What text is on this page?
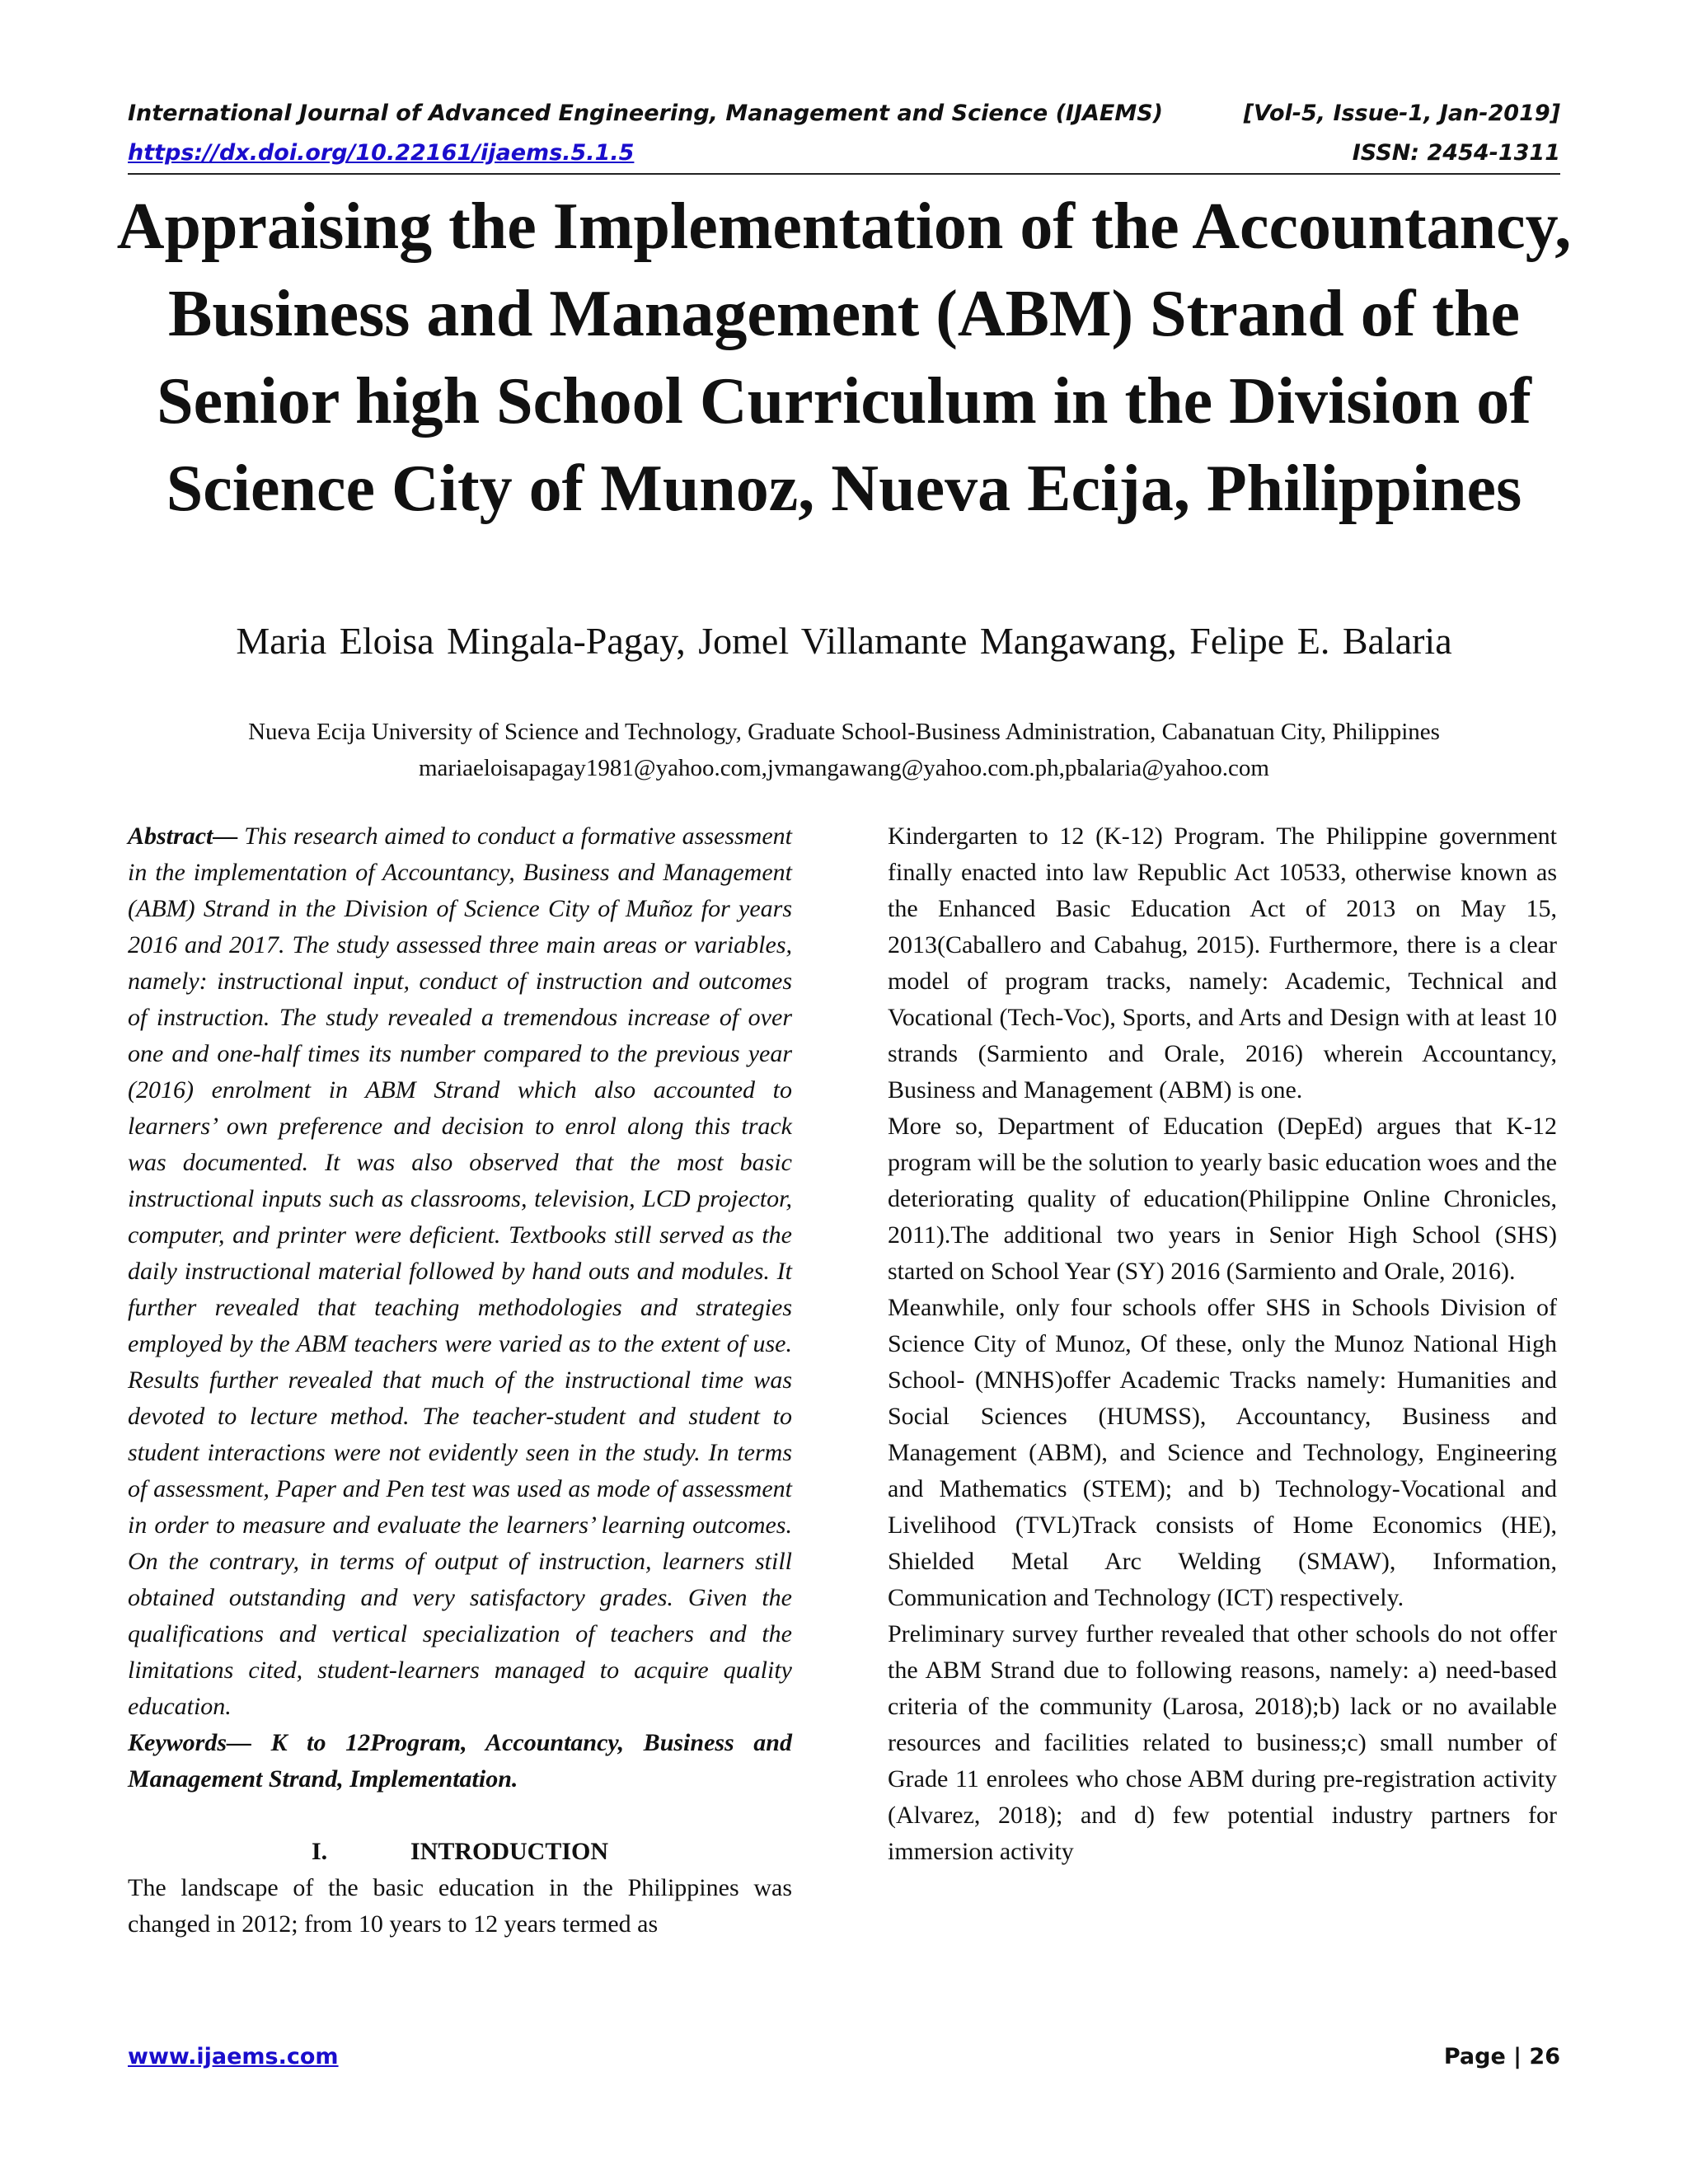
International Journal of Advanced Engineering, Management and Science (IJAEMS)	[Vol-5, Issue-1, Jan-2019]
https://dx.doi.org/10.22161/ijaems.5.1.5	ISSN: 2454-1311
Appraising the Implementation of the Accountancy, Business and Management (ABM) Strand of the Senior high School Curriculum in the Division of Science City of Munoz, Nueva Ecija, Philippines
Maria Eloisa Mingala-Pagay, Jomel Villamante Mangawang, Felipe E. Balaria
Nueva Ecija University of Science and Technology, Graduate School-Business Administration, Cabanatuan City, Philippines
mariaeloisapagay1981@yahoo.com,jvmangawang@yahoo.com.ph,pbalaria@yahoo.com

Abstract— This research aimed to conduct a formative assessment in the implementation of Accountancy, Business and Management (ABM) Strand in the Division of Science City of Muñoz for years 2016 and 2017. The study assessed three main areas or variables, namely: instructional input, conduct of instruction and outcomes of instruction. The study revealed a tremendous increase of over one and one-half times its number compared to the previous year (2016) enrolment in ABM Strand which also accounted to learners’ own preference and decision to enrol along this track was documented. It was also observed that the most basic instructional inputs such as classrooms, television, LCD projector, computer, and printer were deficient. Textbooks still served as the daily instructional material followed by hand outs and modules. It further revealed that teaching methodologies and strategies employed by the ABM teachers were varied as to the extent of use. Results further revealed that much of the instructional time was devoted to lecture method. The teacher-student and student to student interactions were not evidently seen in the study. In terms of assessment, Paper and Pen test was used as mode of assessment in order to measure and evaluate the learners’ learning outcomes. On the contrary, in terms of output of instruction, learners still obtained outstanding and very satisfactory grades. Given the qualifications and vertical specialization of teachers and the limitations cited, student-learners managed to acquire quality education.

Keywords— K to 12Program, Accountancy, Business and Management Strand, Implementation.

I.	INTRODUCTION

The landscape of the basic education in the Philippines was changed in 2012; from 10 years to 12 years termed as

Kindergarten to 12 (K-12) Program. The Philippine government finally enacted into law Republic Act 10533, otherwise known as the Enhanced Basic Education Act of 2013 on May 15, 2013(Caballero and Cabahug, 2015). Furthermore, there is a clear model of program tracks, namely: Academic, Technical and Vocational (Tech-Voc), Sports, and Arts and Design with at least 10 strands (Sarmiento and Orale, 2016) wherein Accountancy, Business and Management (ABM) is one.

More so, Department of Education (DepEd) argues that K-12 program will be the solution to yearly basic education woes and the deteriorating quality of education(Philippine Online Chronicles, 2011).The additional two years in Senior High School (SHS) started on School Year (SY) 2016 (Sarmiento and Orale, 2016).

Meanwhile, only four schools offer SHS in Schools Division of Science City of Munoz, Of these, only the Munoz National High School- (MNHS)offer Academic Tracks namely: Humanities and Social Sciences (HUMSS), Accountancy, Business and Management (ABM), and Science and Technology, Engineering and Mathematics (STEM); and b) Technology-Vocational and Livelihood (TVL)Track consists of Home Economics (HE), Shielded Metal Arc Welding (SMAW), Information, Communication and Technology (ICT) respectively.

Preliminary survey further revealed that other schools do not offer the ABM Strand due to following reasons, namely: a) need-based criteria of the community (Larosa, 2018);b) lack or no available resources and facilities related to business;c) small number of Grade 11 enrolees who chose ABM during pre-registration activity (Alvarez, 2018); and d) few potential industry partners for immersion activity

www.ijaems.com	Page | 26
